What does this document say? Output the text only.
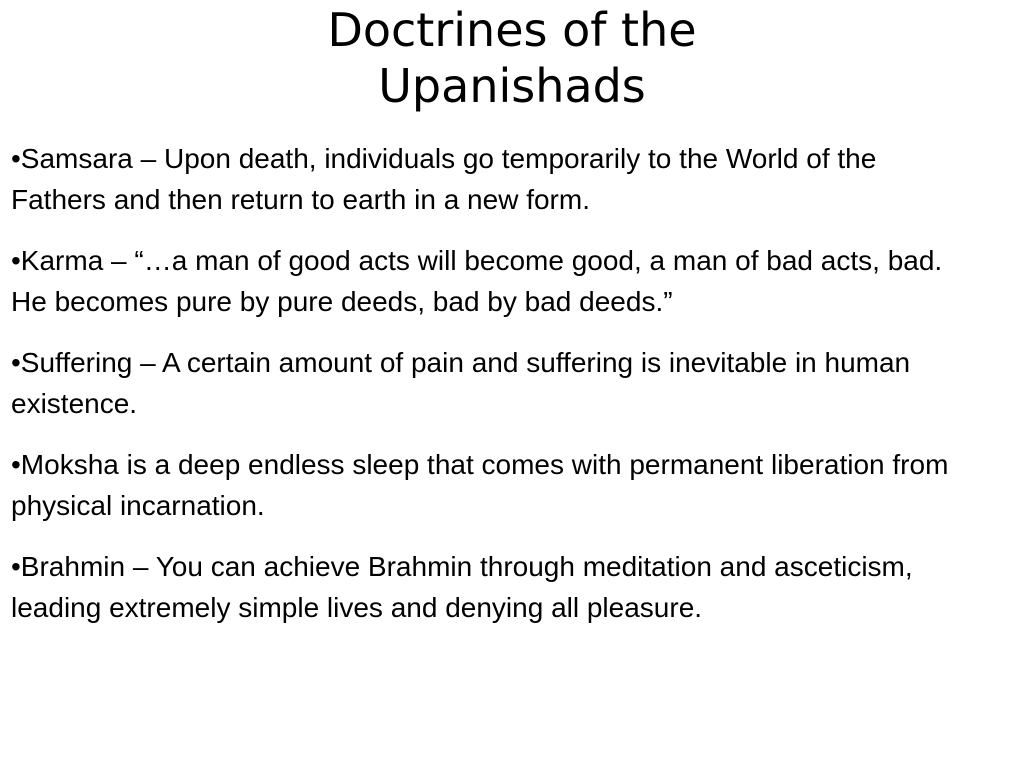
Doctrines of the
Upanishads
•Samsara – Upon death, individuals go temporarily to the World of the Fathers and then return to earth in a new form.
•Karma – “…a man of good acts will become good, a man of bad acts, bad. He becomes pure by pure deeds, bad by bad deeds.”
•Suffering – A certain amount of pain and suffering is inevitable in human existence.
•Moksha is a deep endless sleep that comes with permanent liberation from physical incarnation.
•Brahmin – You can achieve Brahmin through meditation and asceticism, leading extremely simple lives and denying all pleasure.
